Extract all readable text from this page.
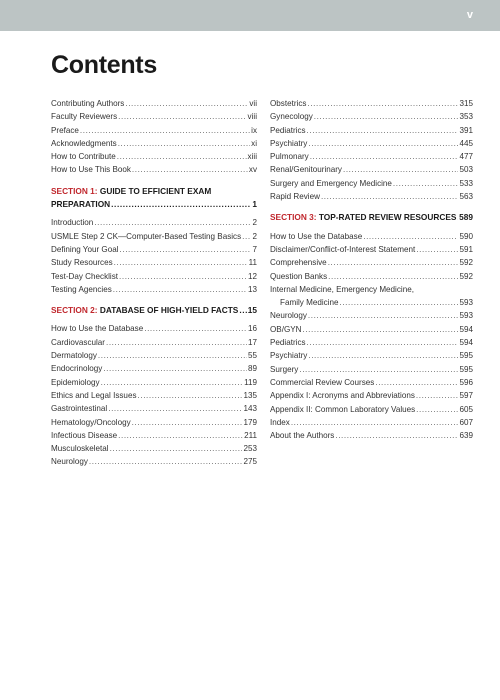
v
Contents
Contributing Authors .....	vii
Faculty Reviewers .....	viii
Preface .....	ix
Acknowledgments .....	xi
How to Contribute .....	xiii
How to Use This Book .....	xv
SECTION 1: GUIDE TO EFFICIENT EXAM
PREPARATION .....	1
Introduction .....	2
USMLE Step 2 CK—Computer-Based Testing Basics ..... 2
Defining Your Goal .....	7
Study Resources .....	11
Test-Day Checklist .....	12
Testing Agencies .....	13
SECTION 2:
DATABASE OF HIGH-YIELD FACTS ..... 15
How to Use the Database .....	16
Cardiovascular .....	17
Dermatology .....	55
Endocrinology .....	89
Epidemiology .....	119
Ethics and Legal Issues .....	135
Gastrointestinal .....	143
Hematology/Oncology .....	179
Infectious Disease .....	211
Musculoskeletal .....	253
Neurology .....	275
Obstetrics .....	315
Gynecology .....	353
Pediatrics .....	391
Psychiatry .....	445
Pulmonary .....	477
Renal/Genitourinary .....	503
Surgery and Emergency Medicine .....	533
Rapid Review .....	563
SECTION 3:
TOP-RATED REVIEW RESOURCES ..... 589
How to Use the Database .....	590
Disclaimer/Conflict-of-Interest Statement .....	591
Comprehensive .....	592
Question Banks .....	592
Internal Medicine, Emergency Medicine,
Family Medicine .....	593
Neurology .....	593
OB/GYN .....	594
Pediatrics .....	594
Psychiatry .....	595
Surgery .....	595
Commercial Review Courses .....	596
Appendix I: Acronyms and Abbreviations .....	597
Appendix II: Common Laboratory Values .....	605
Index .....	607
About the Authors .....	639
